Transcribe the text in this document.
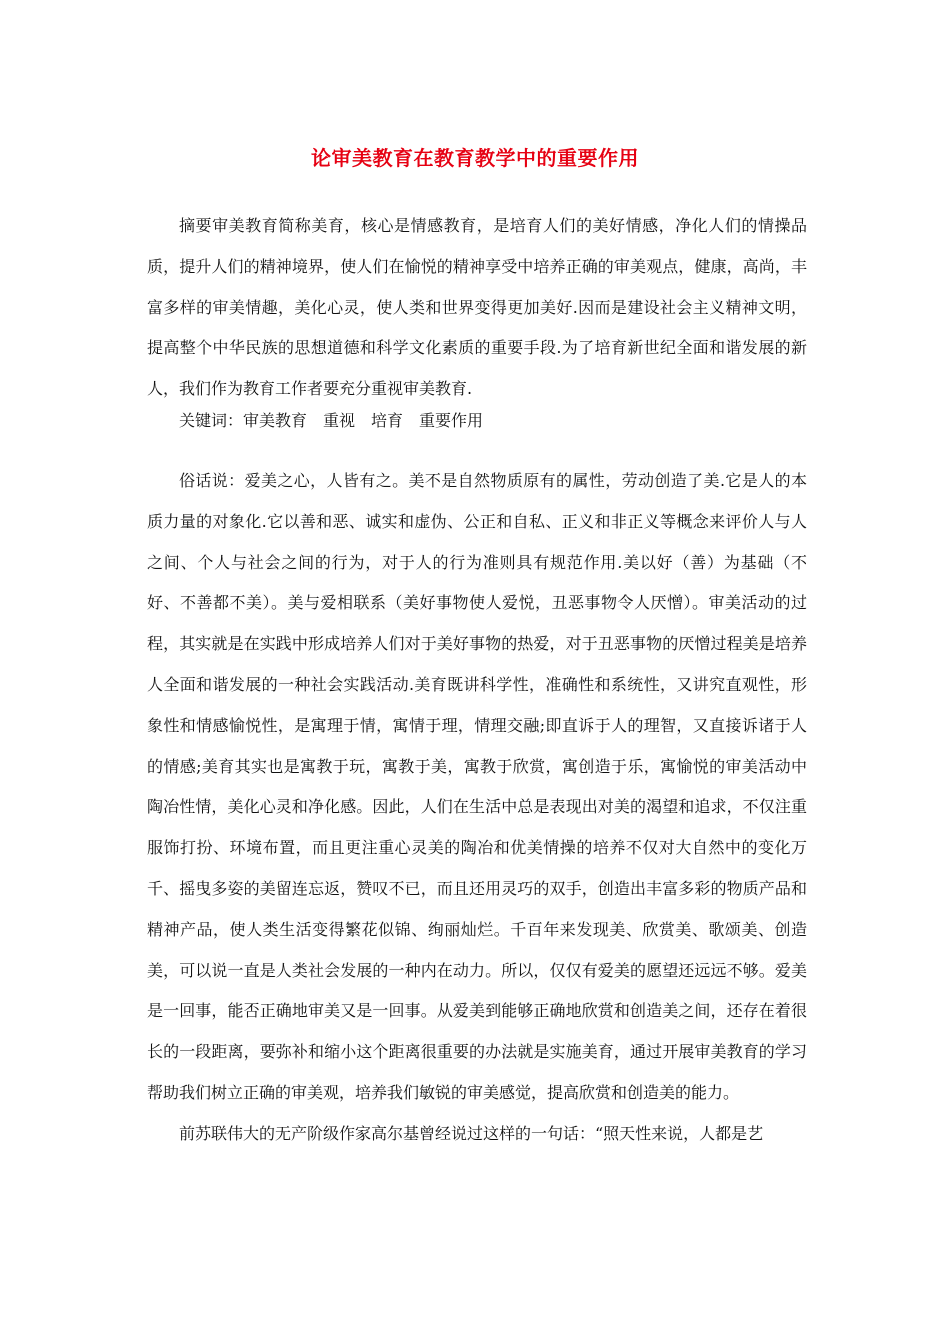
论审美教育在教育教学中的重要作用

摘要审美教育简称美育，核心是情感教育，是培育人们的美好情感，净化人们的情操品质，提升人们的精神境界，使人们在愉悦的精神享受中培养正确的审美观点，健康，高尚，丰富多样的审美情趣，美化心灵，使人类和世界变得更加美好.因而是建设社会主义精神文明，提高整个中华民族的思想道德和科学文化素质的重要手段.为了培育新世纪全面和谐发展的新人，我们作为教育工作者要充分重视审美教育.

关键词：审美教育　重视　培育　重要作用

俗话说：爱美之心，人皆有之。美不是自然物质原有的属性，劳动创造了美.它是人的本质力量的对象化.它以善和恶、诚实和虚伪、公正和自私、正义和非正义等概念来评价人与人之间、个人与社会之间的行为，对于人的行为准则具有规范作用.美以好（善）为基础（不好、不善都不美）。美与爱相联系（美好事物使人爱悦，丑恶事物令人厌憎）。审美活动的过程，其实就是在实践中形成培养人们对于美好事物的热爱，对于丑恶事物的厌憎过程美是培养人全面和谐发展的一种社会实践活动.美育既讲科学性，准确性和系统性，又讲究直观性，形象性和情感愉悦性，是寓理于情，寓情于理，情理交融;即直诉于人的理智，又直接诉诸于人的情感;美育其实也是寓教于玩，寓教于美，寓教于欣赏，寓创造于乐，寓愉悦的审美活动中陶冶性情，美化心灵和净化感。因此，人们在生活中总是表现出对美的渴望和追求，不仅注重服饰打扮、环境布置，而且更注重心灵美的陶冶和优美情操的培养不仅对大自然中的变化万千、摇曳多姿的美留连忘返，赞叹不已，而且还用灵巧的双手，创造出丰富多彩的物质产品和精神产品，使人类生活变得繁花似锦、绚丽灿烂。千百年来发现美、欣赏美、歌颂美、创造美，可以说一直是人类社会发展的一种内在动力。所以，仅仅有爱美的愿望还远远不够。爱美是一回事，能否正确地审美又是一回事。从爱美到能够正确地欣赏和创造美之间，还存在着很长的一段距离，要弥补和缩小这个距离很重要的办法就是实施美育，通过开展审美教育的学习帮助我们树立正确的审美观，培养我们敏锐的审美感觉，提高欣赏和创造美的能力。

前苏联伟大的无产阶级作家高尔基曾经说过这样的一句话：“照天性来说，人都是艺
